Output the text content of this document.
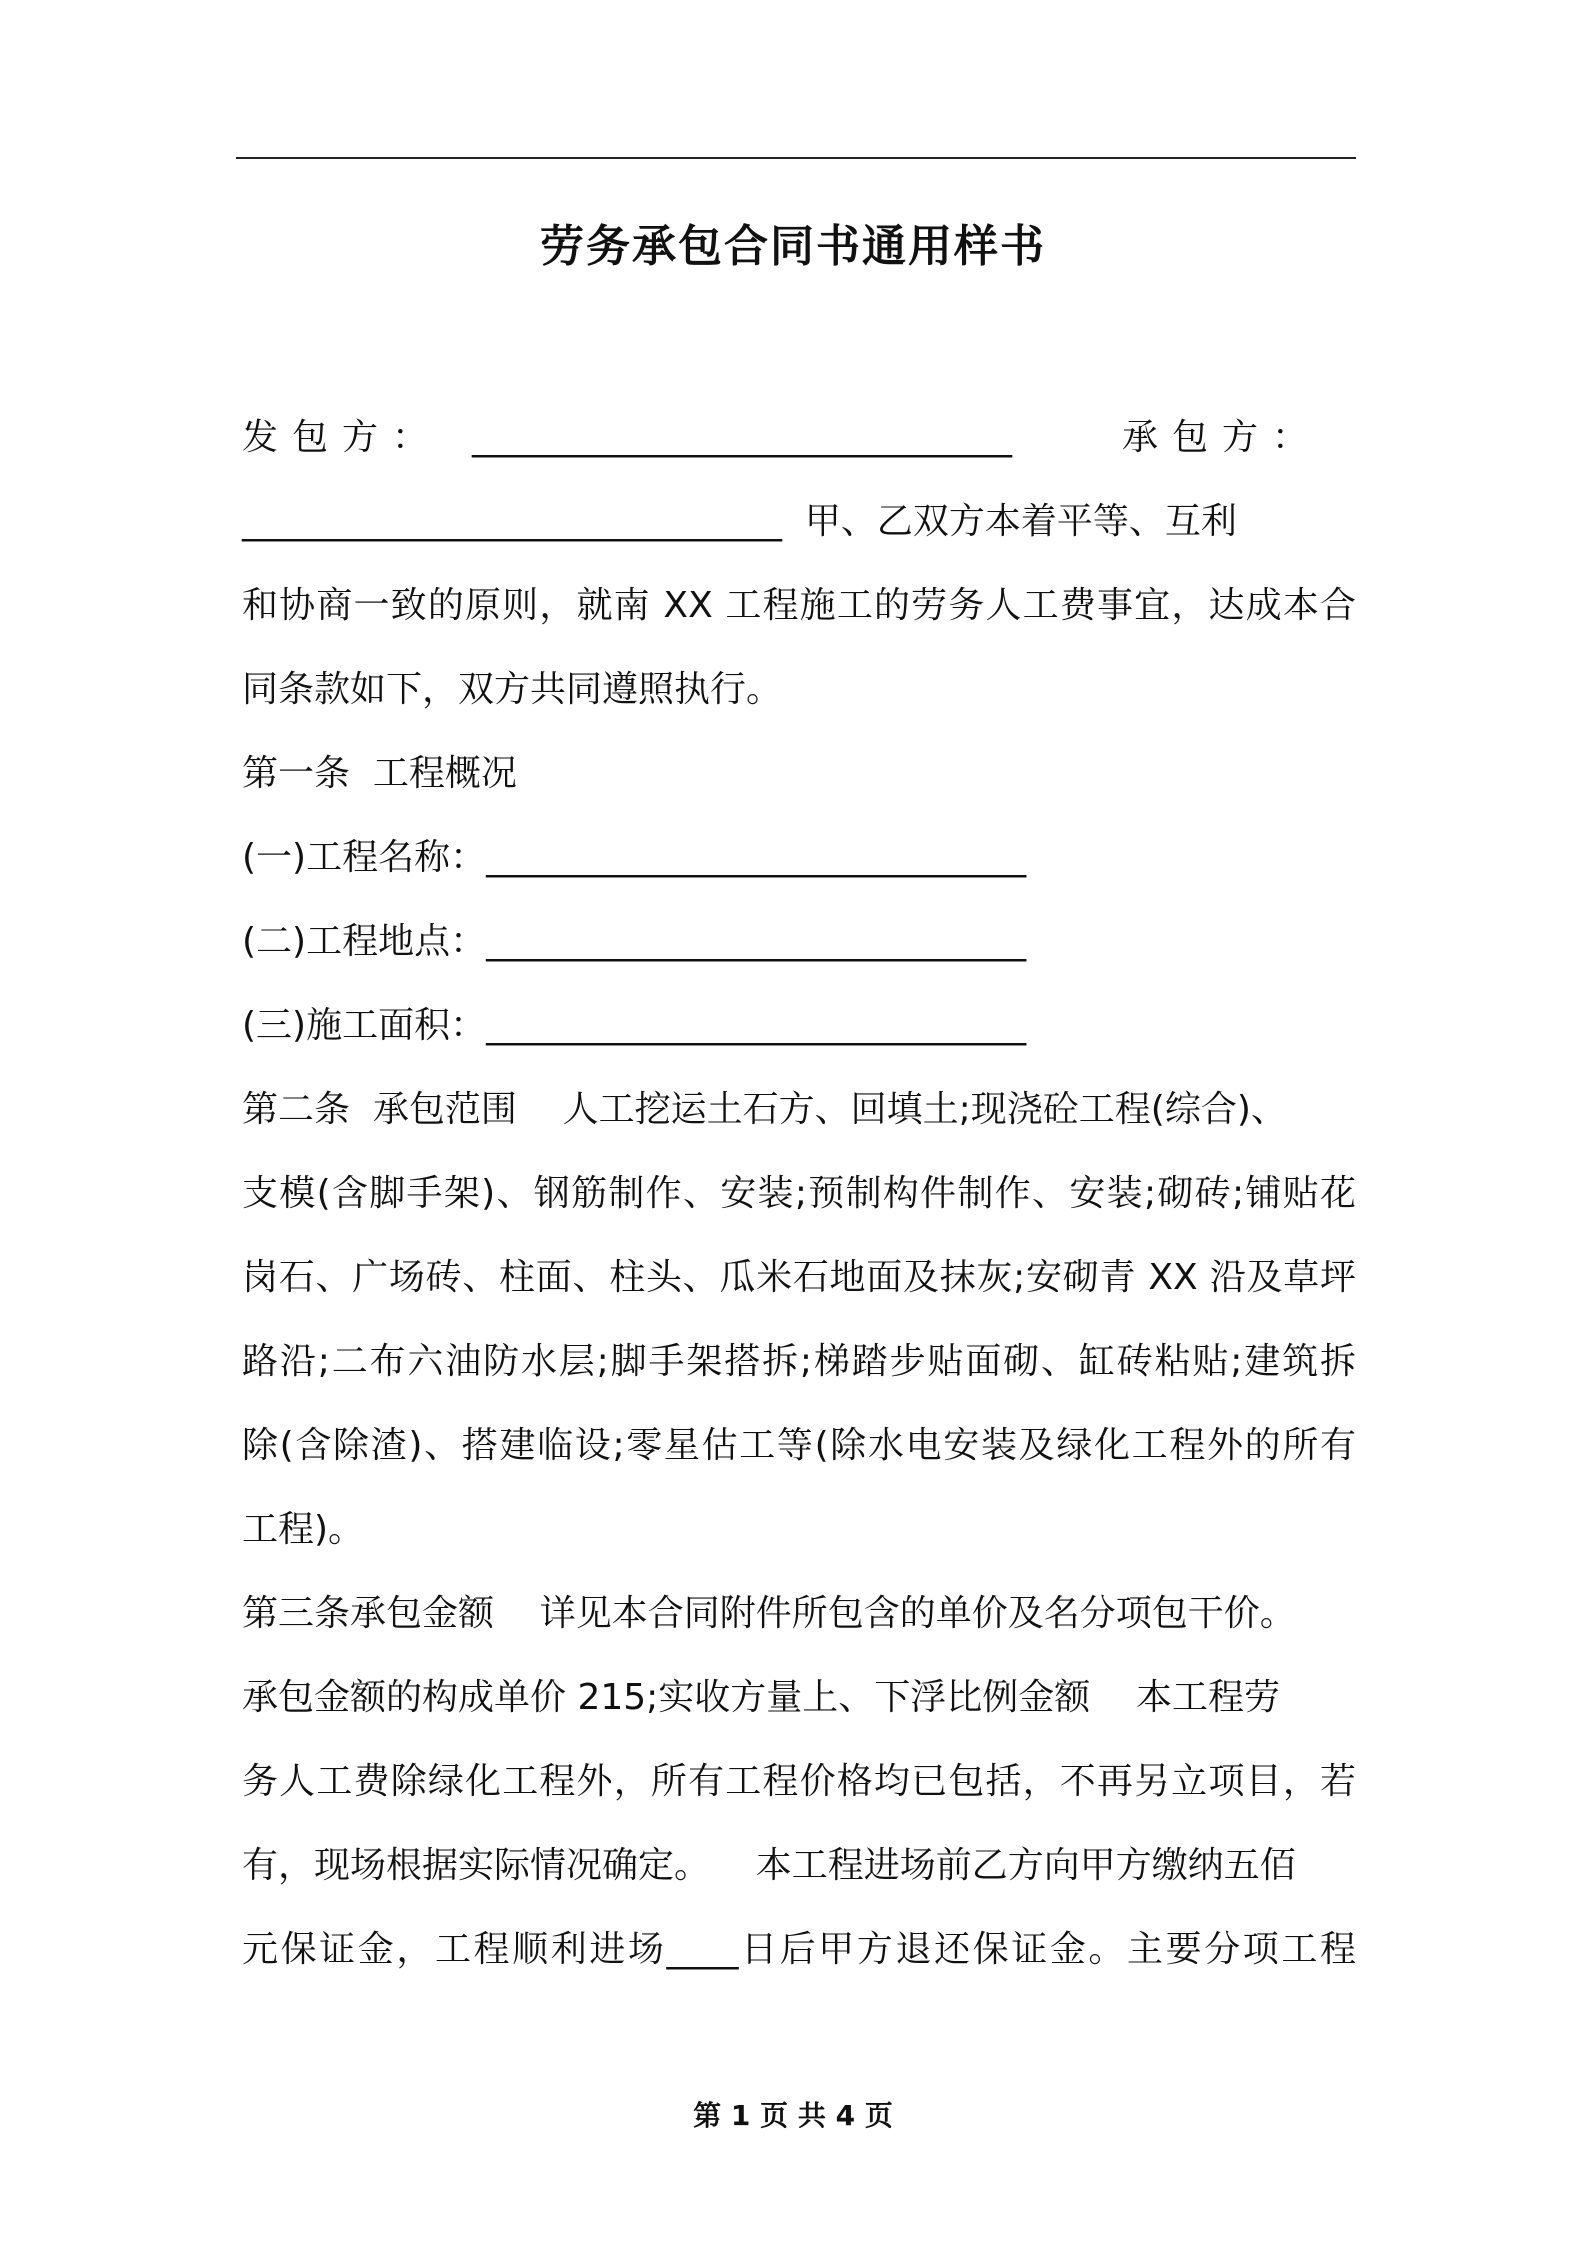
劳务承包合同书通用样书
发包方： ______________________________	承包方：
______________________________  甲、乙双方本着平等、互利
和协商一致的原则，就南 XX 工程施工的劳务人工费事宜，达成本合
同条款如下，双方共同遵照执行。
第一条  工程概况
(一)工程名称：______________________________
(二)工程地点：______________________________
(三)施工面积：______________________________
第二条  承包范围    人工挖运土石方、回填土;现浇砼工程(综合)、
支模(含脚手架)、钢筋制作、安装;预制构件制作、安装;砌砖;铺贴花
岗石、广场砖、柱面、柱头、瓜米石地面及抹灰;安砌青 XX 沿及草坪
路沿;二布六油防水层;脚手架搭拆;梯踏步贴面砌、缸砖粘贴;建筑拆
除(含除渣)、搭建临设;零星估工等(除水电安装及绿化工程外的所有
工程)。
第三条承包金额    详见本合同附件所包含的单价及名分项包干价。
承包金额的构成单价 215;实收方量上、下浮比例金额    本工程劳
务人工费除绿化工程外，所有工程价格均已包括，不再另立项目，若
有，现场根据实际情况确定。    本工程进场前乙方向甲方缴纳五佰
元保证金，工程顺利进场____日后甲方退还保证金。主要分项工程
第 1 页 共 4 页
